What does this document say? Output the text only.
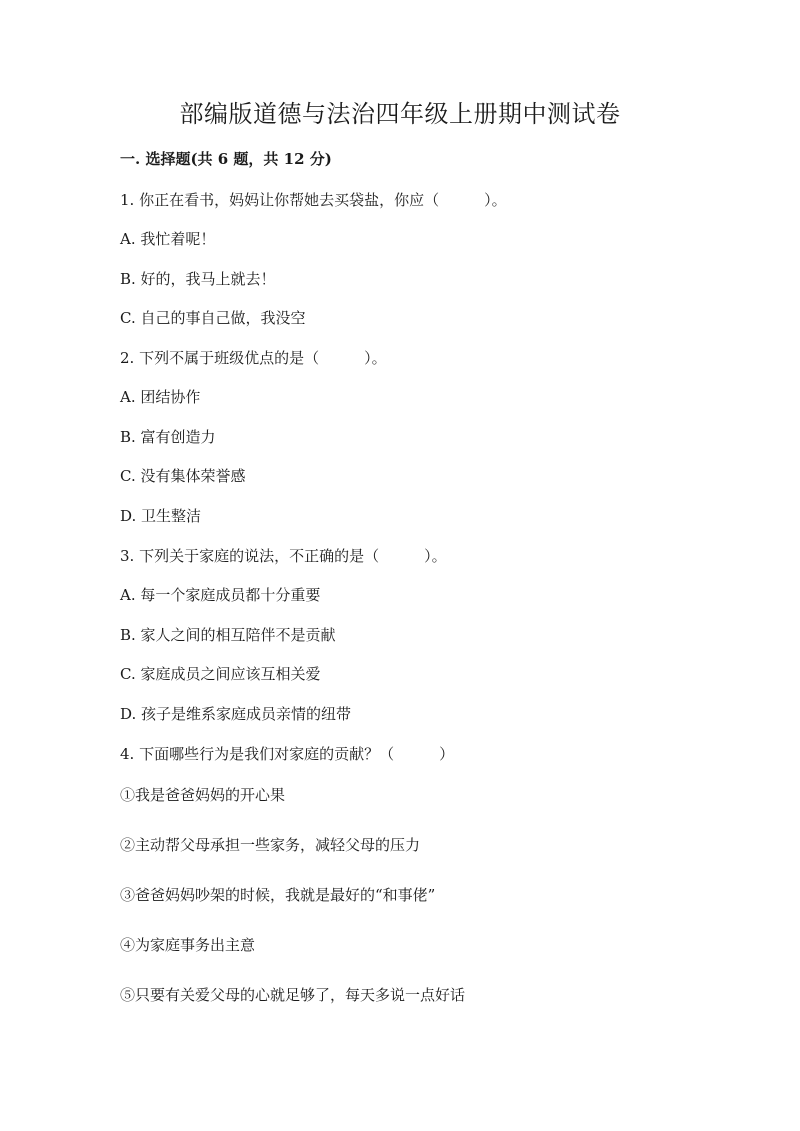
部编版道德与法治四年级上册期中测试卷

一. 选择题(共 6 题，共 12 分)

1. 你正在看书，妈妈让你帮她去买袋盐，你应（　　　）。

A. 我忙着呢！

B. 好的，我马上就去！

C. 自己的事自己做，我没空

2. 下列不属于班级优点的是（　　　）。

A. 团结协作

B. 富有创造力

C. 没有集体荣誉感

D. 卫生整洁

3. 下列关于家庭的说法，不正确的是（　　　）。

A. 每一个家庭成员都十分重要

B. 家人之间的相互陪伴不是贡献

C. 家庭成员之间应该互相关爱

D. 孩子是维系家庭成员亲情的纽带

4. 下面哪些行为是我们对家庭的贡献？（　　　）

①我是爸爸妈妈的开心果

②主动帮父母承担一些家务，减轻父母的压力

③爸爸妈妈吵架的时候，我就是最好的“和事佬”

④为家庭事务出主意

⑤只要有关爱父母的心就足够了，每天多说一点好话
